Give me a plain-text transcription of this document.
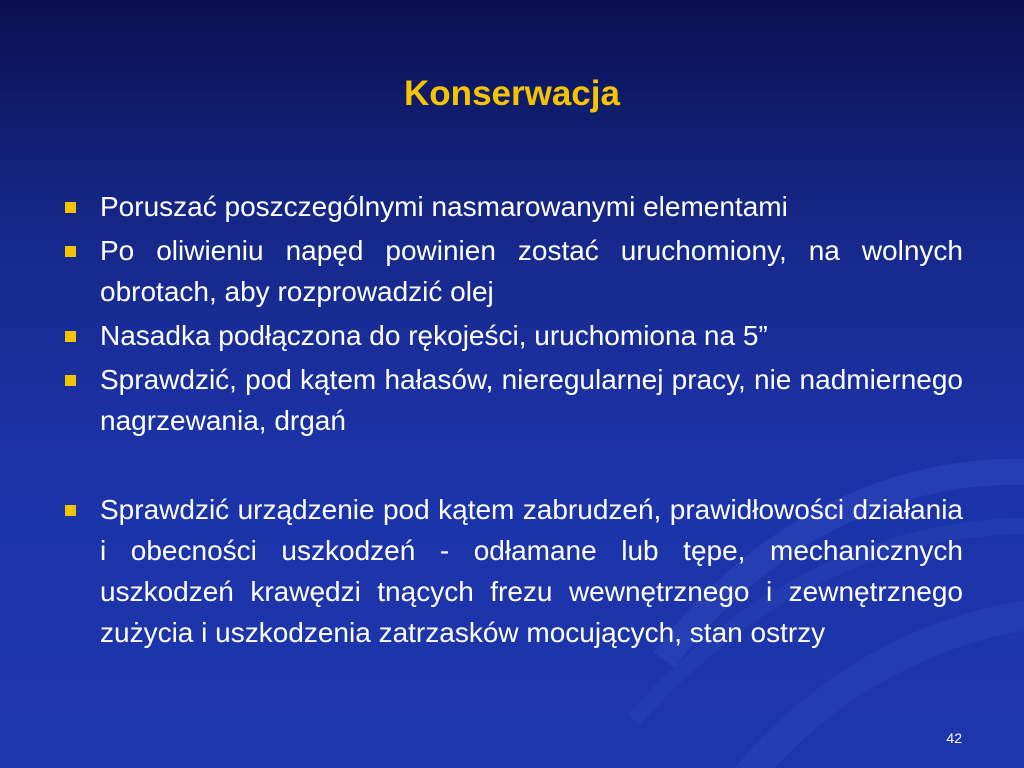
Konserwacja
Poruszać poszczególnymi nasmarowanymi elementami
Po oliwieniu napęd powinien zostać uruchomiony, na wolnych obrotach, aby rozprowadzić olej
Nasadka podłączona do rękojeści, uruchomiona na 5”
Sprawdzić, pod kątem hałasów, nieregularnej pracy, nie nadmiernego nagrzewania, drgań
Sprawdzić urządzenie pod kątem zabrudzeń, prawidłowości działania i obecności uszkodzeń - odłamane lub tępe, mechanicznych uszkodzeń krawędzi tnących frezu wewnętrznego i zewnętrznego zużycia i uszkodzenia zatrzasków mocujących, stan ostrzy
42
